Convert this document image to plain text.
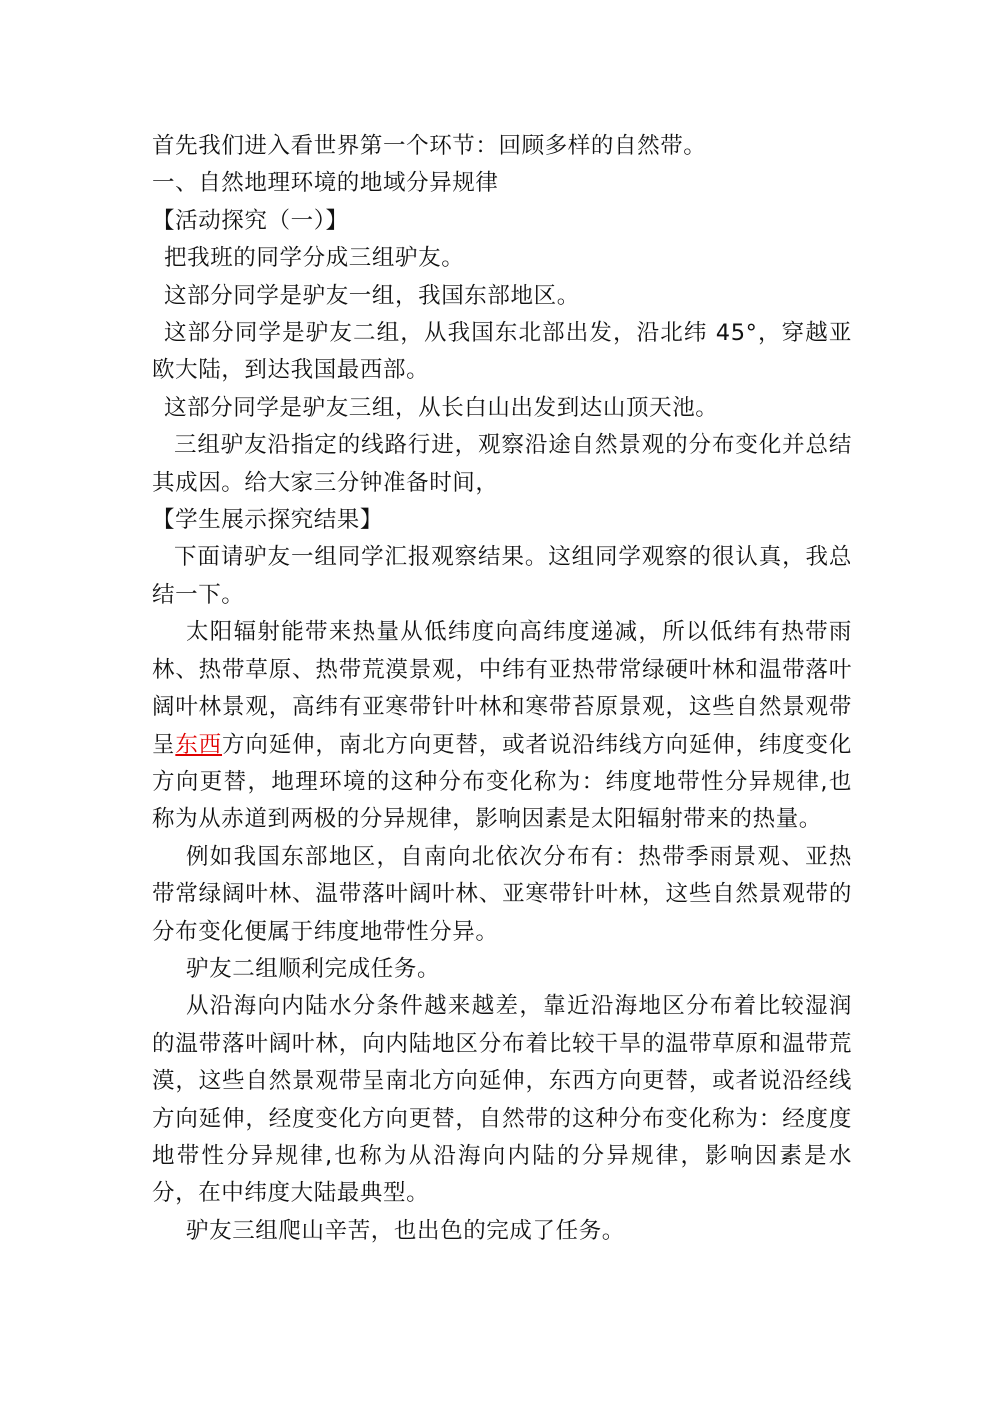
首先我们进入看世界第一个环节：回顾多样的自然带。

一、自然地理环境的地域分异规律

【活动探究（一）】

把我班的同学分成三组驴友。

这部分同学是驴友一组，我国东部地区。

这部分同学是驴友二组，从我国东北部出发，沿北纬 45°，穿越亚欧大陆，到达我国最西部。

这部分同学是驴友三组，从长白山出发到达山顶天池。

三组驴友沿指定的线路行进，观察沿途自然景观的分布变化并总结其成因。给大家三分钟准备时间，

【学生展示探究结果】

下面请驴友一组同学汇报观察结果。这组同学观察的很认真，我总结一下。

太阳辐射能带来热量从低纬度向高纬度递减，所以低纬有热带雨林、热带草原、热带荒漠景观，中纬有亚热带常绿硬叶林和温带落叶阔叶林景观，高纬有亚寒带针叶林和寒带苔原景观，这些自然景观带呈东西方向延伸，南北方向更替，或者说沿纬线方向延伸，纬度变化方向更替，地理环境的这种分布变化称为：纬度地带性分异规律,也称为从赤道到两极的分异规律，影响因素是太阳辐射带来的热量。

例如我国东部地区，自南向北依次分布有：热带季雨景观、亚热带常绿阔叶林、温带落叶阔叶林、亚寒带针叶林，这些自然景观带的分布变化便属于纬度地带性分异。

驴友二组顺利完成任务。

从沿海向内陆水分条件越来越差，靠近沿海地区分布着比较湿润的温带落叶阔叶林，向内陆地区分布着比较干旱的温带草原和温带荒漠，这些自然景观带呈南北方向延伸，东西方向更替，或者说沿经线方向延伸，经度变化方向更替，自然带的这种分布变化称为：经度度地带性分异规律,也称为从沿海向内陆的分异规律，影响因素是水分，在中纬度大陆最典型。

驴友三组爬山辛苦，也出色的完成了任务。
